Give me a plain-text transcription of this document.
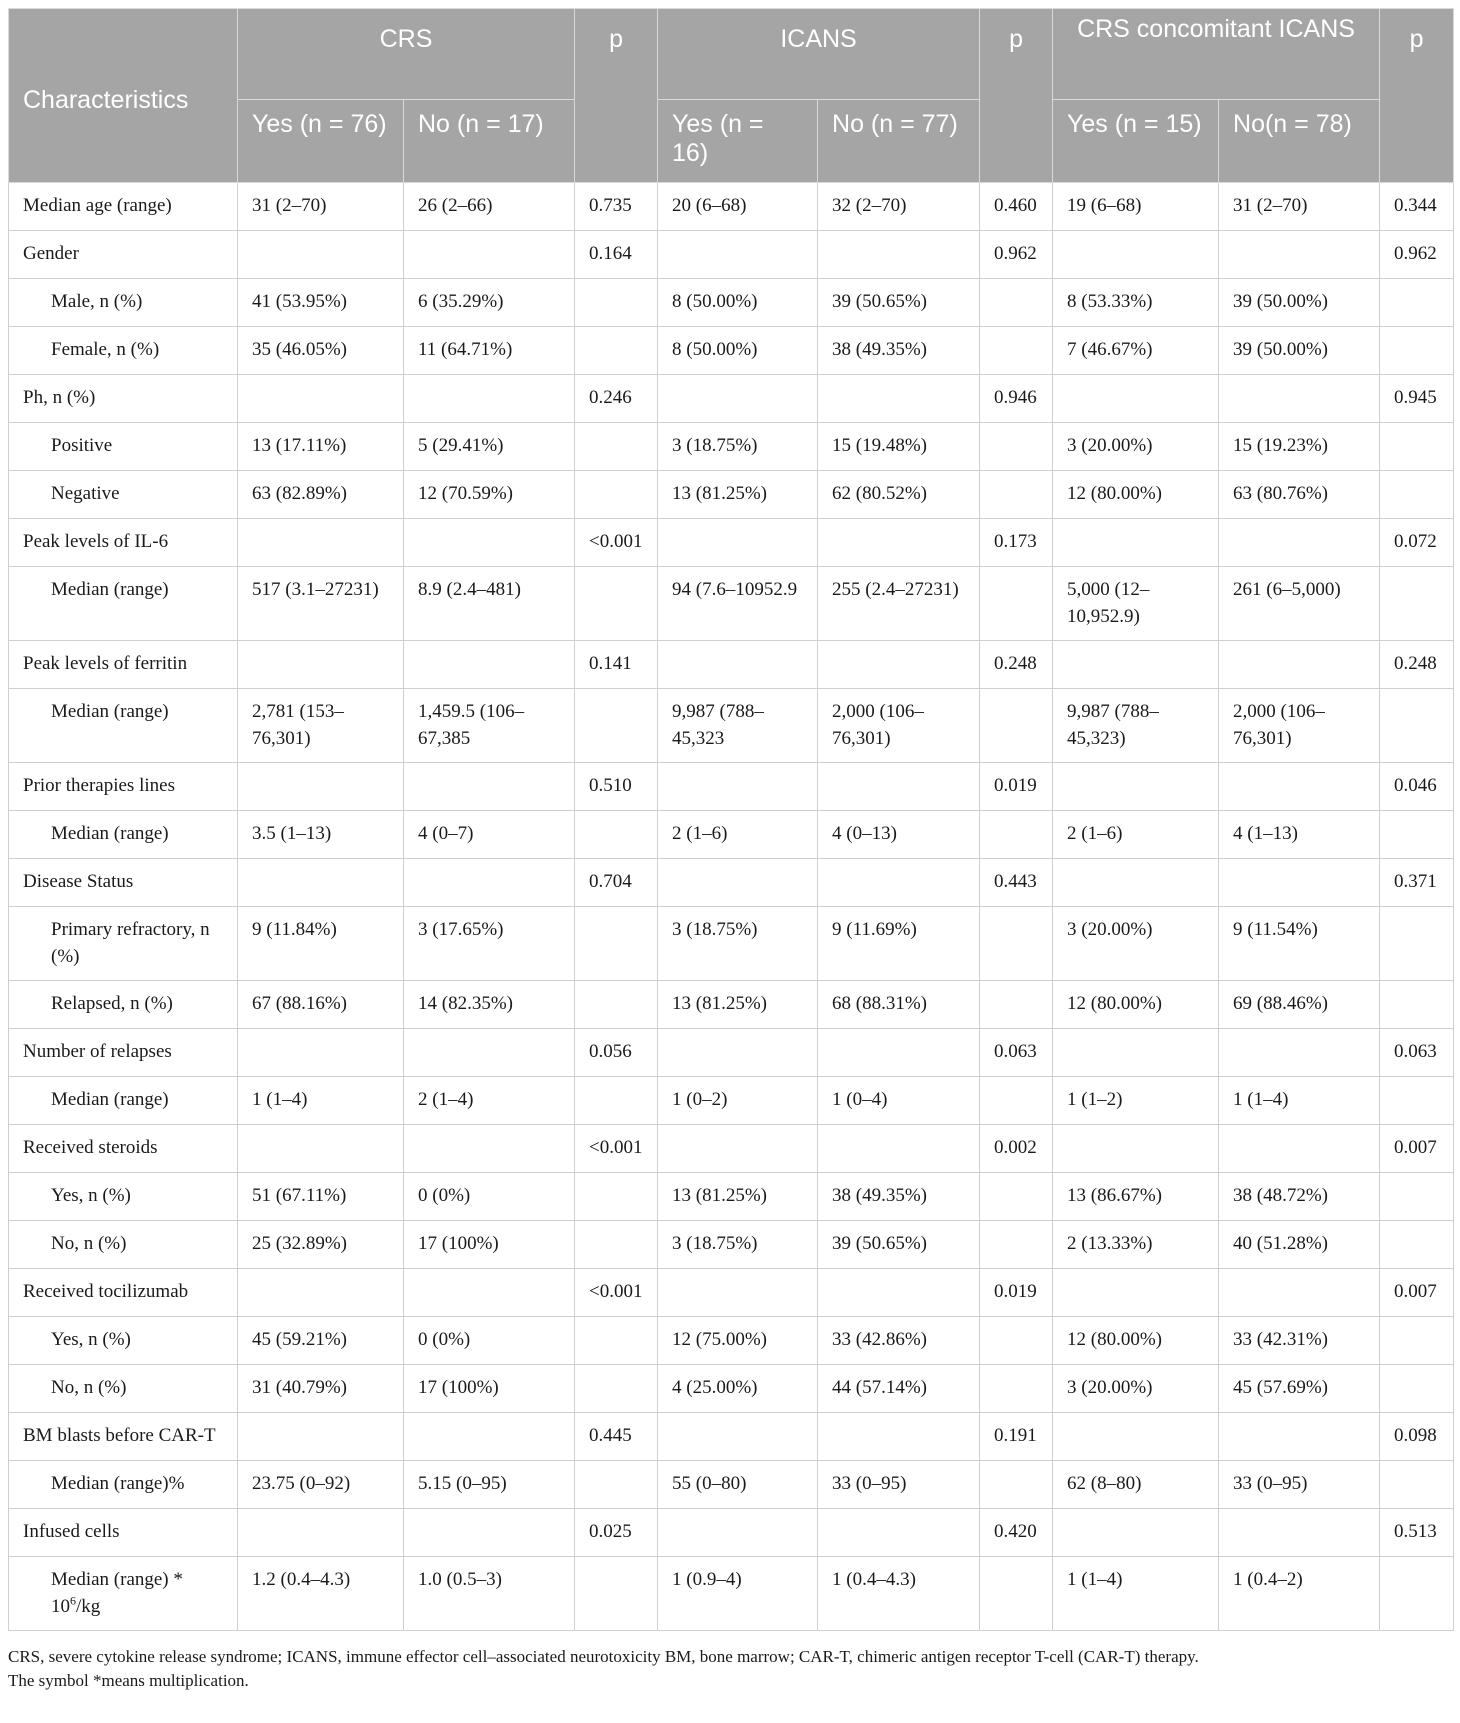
Characteristics	CRS		p	ICANS		p	CRS concomitant ICANS		p
	Yes (n = 76)	No (n = 17)		Yes (n = 16)	No (n = 77)		Yes (n = 15)	No(n = 78)	
Median age (range)	31 (2–70)	26 (2–66)	0.735	20 (6–68)	32 (2–70)	0.460	19 (6–68)	31 (2–70)	0.344
Gender			0.164			0.962			0.962
Male, n (%)	41 (53.95%)	6 (35.29%)		8 (50.00%)	39 (50.65%)		8 (53.33%)	39 (50.00%)	
Female, n (%)	35 (46.05%)	11 (64.71%)		8 (50.00%)	38 (49.35%)		7 (46.67%)	39 (50.00%)	
Ph, n (%)			0.246			0.946			0.945
Positive	13 (17.11%)	5 (29.41%)		3 (18.75%)	15 (19.48%)		3 (20.00%)	15 (19.23%)	
Negative	63 (82.89%)	12 (70.59%)		13 (81.25%)	62 (80.52%)		12 (80.00%)	63 (80.76%)	
Peak levels of IL-6			<0.001			0.173			0.072
Median (range)	517 (3.1–27231)	8.9 (2.4–481)		94 (7.6–10952.9	255 (2.4–27231)		5,000 (12–10,952.9)	261 (6–5,000)	
Peak levels of ferritin			0.141			0.248			0.248
Median (range)	2,781 (153–76,301)	1,459.5 (106–67,385		9,987 (788–45,323	2,000 (106–76,301)		9,987 (788–45,323)	2,000 (106–76,301)	
Prior therapies lines			0.510			0.019			0.046
Median (range)	3.5 (1–13)	4 (0–7)		2 (1–6)	4 (0–13)		2 (1–6)	4 (1–13)	
Disease Status			0.704			0.443			0.371
Primary refractory, n (%)	9 (11.84%)	3 (17.65%)		3 (18.75%)	9 (11.69%)		3 (20.00%)	9 (11.54%)	
Relapsed, n (%)	67 (88.16%)	14 (82.35%)		13 (81.25%)	68 (88.31%)		12 (80.00%)	69 (88.46%)	
Number of relapses			0.056			0.063			0.063
Median (range)	1 (1–4)	2 (1–4)		1 (0–2)	1 (0–4)		1 (1–2)	1 (1–4)	
Received steroids			<0.001			0.002			0.007
Yes, n (%)	51 (67.11%)	0 (0%)		13 (81.25%)	38 (49.35%)		13 (86.67%)	38 (48.72%)	
No, n (%)	25 (32.89%)	17 (100%)		3 (18.75%)	39 (50.65%)		2 (13.33%)	40 (51.28%)	
Received tocilizumab			<0.001			0.019			0.007
Yes, n (%)	45 (59.21%)	0 (0%)		12 (75.00%)	33 (42.86%)		12 (80.00%)	33 (42.31%)	
No, n (%)	31 (40.79%)	17 (100%)		4 (25.00%)	44 (57.14%)		3 (20.00%)	45 (57.69%)	
BM blasts before CAR-T			0.445			0.191			0.098
Median (range)%	23.75 (0–92)	5.15 (0–95)		55 (0–80)	33 (0–95)		62 (8–80)	33 (0–95)	
Infused cells			0.025			0.420			0.513
Median (range) * $10^6/kg$	1.2 (0.4–4.3)	1.0 (0.5–3)		1 (0.9–4)	1 (0.4–4.3)		1 (1–4)	1 (0.4–2)	
CRS, severe cytokine release syndrome; ICANS, immune effector cell–associated neurotoxicity BM, bone marrow; CAR-T, chimeric antigen receptor T-cell (CAR-T) therapy.
The symbol *means multiplication.
